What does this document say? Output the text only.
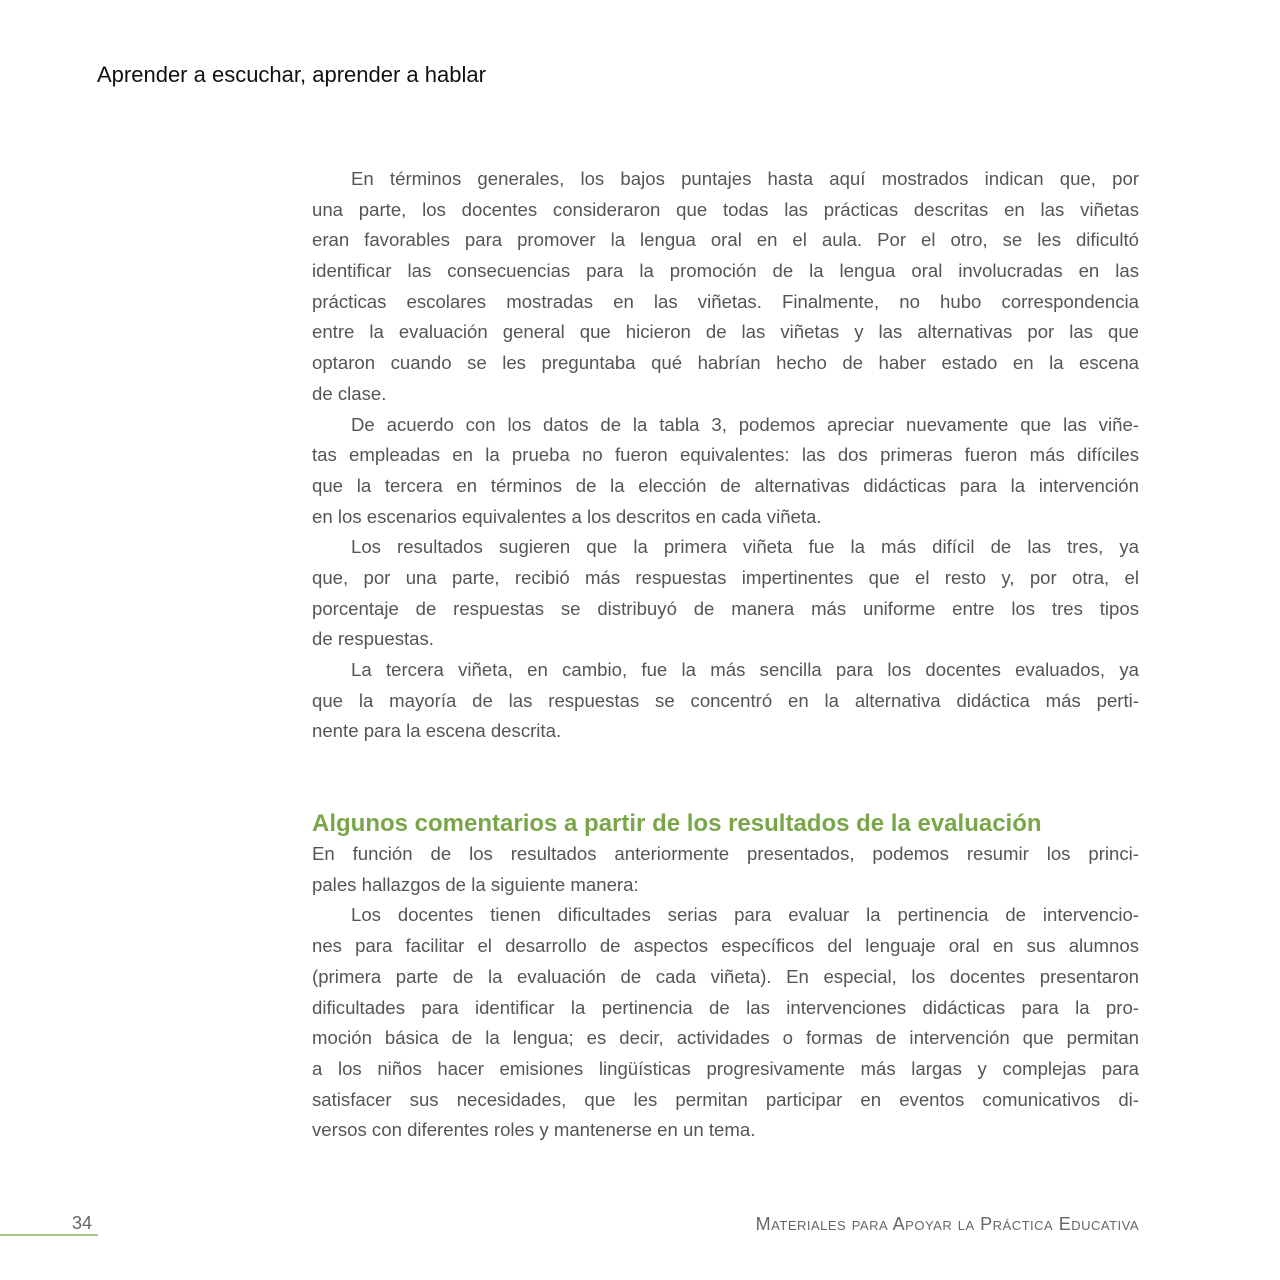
Aprender a escuchar, aprender a hablar
En términos generales, los bajos puntajes hasta aquí mostrados indican que, por
una parte, los docentes consideraron que todas las prácticas descritas en las viñetas
eran favorables para promover la lengua oral en el aula. Por el otro, se les dificultó
identificar las consecuencias para la promoción de la lengua oral involucradas en las
prácticas escolares mostradas en las viñetas. Finalmente, no hubo correspondencia
entre la evaluación general que hicieron de las viñetas y las alternativas por las que
optaron cuando se les preguntaba qué habrían hecho de haber estado en la escena
de clase.
De acuerdo con los datos de la tabla 3, podemos apreciar nuevamente que las viñe-
tas empleadas en la prueba no fueron equivalentes: las dos primeras fueron más difíciles
que la tercera en términos de la elección de alternativas didácticas para la intervención
en los escenarios equivalentes a los descritos en cada viñeta.
Los resultados sugieren que la primera viñeta fue la más difícil de las tres, ya
que, por una parte, recibió más respuestas impertinentes que el resto y, por otra, el
porcentaje de respuestas se distribuyó de manera más uniforme entre los tres tipos
de respuestas.
La tercera viñeta, en cambio, fue la más sencilla para los docentes evaluados, ya
que la mayoría de las respuestas se concentró en la alternativa didáctica más perti-
nente para la escena descrita.
Algunos comentarios a partir de los resultados de la evaluación
En función de los resultados anteriormente presentados, podemos resumir los princi-
pales hallazgos de la siguiente manera:
Los docentes tienen dificultades serias para evaluar la pertinencia de intervencio-
nes para facilitar el desarrollo de aspectos específicos del lenguaje oral en sus alumnos
(primera parte de la evaluación de cada viñeta). En especial, los docentes presentaron
dificultades para identificar la pertinencia de las intervenciones didácticas para la pro-
moción básica de la lengua; es decir, actividades o formas de intervención que permitan
a los niños hacer emisiones lingüísticas progresivamente más largas y complejas para
satisfacer sus necesidades, que les permitan participar en eventos comunicativos di-
versos con diferentes roles y mantenerse en un tema.
34	Materiales para Apoyar la Práctica Educativa
